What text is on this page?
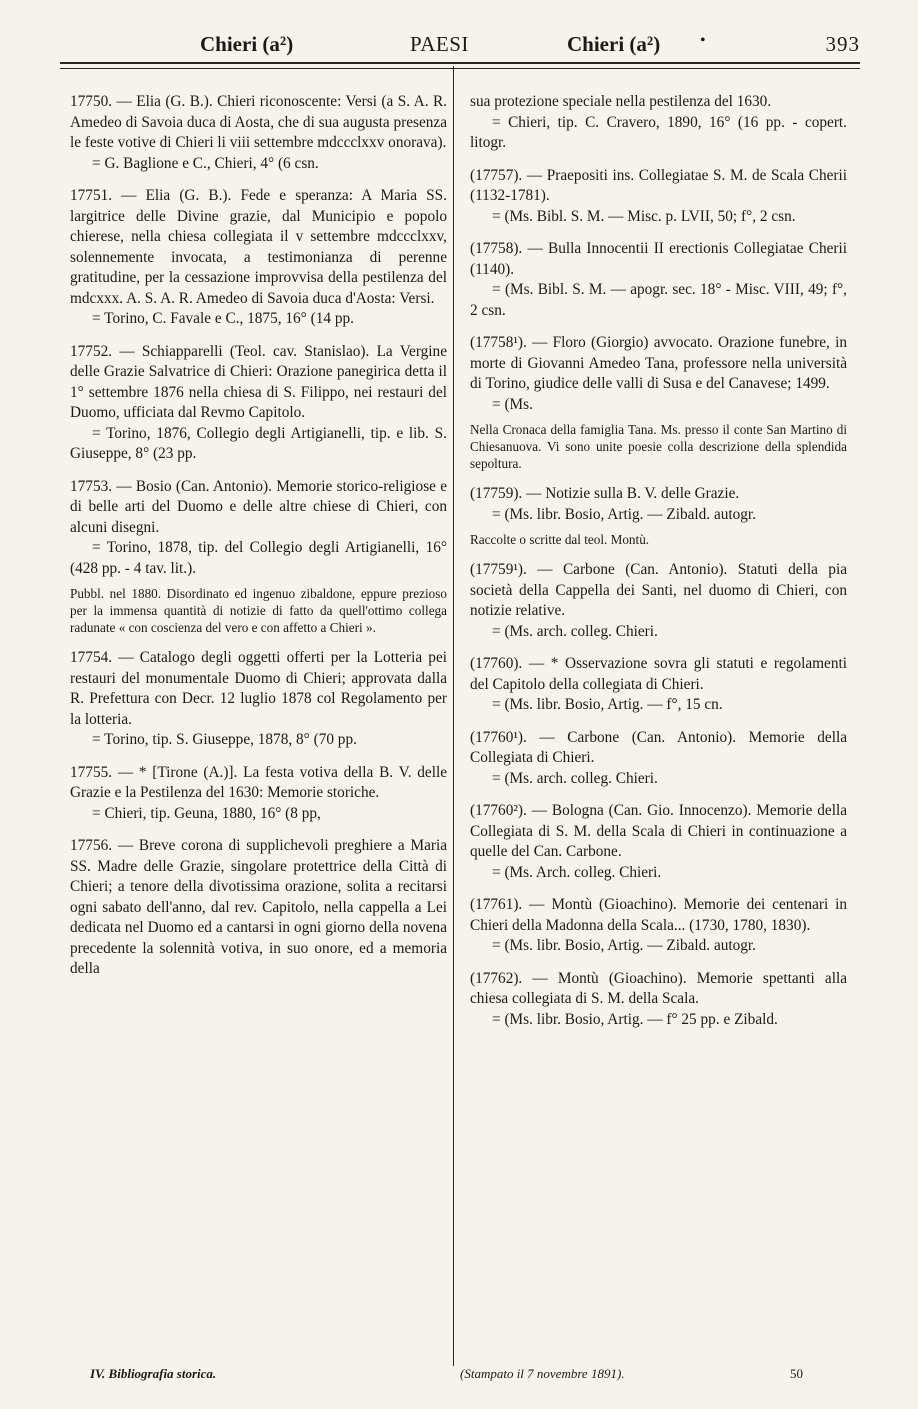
Chieri (a²)	PAESI	Chieri (a²) •	393

17750. — Elia (G. B.). Chieri riconoscente: Versi (a S. A. R. Amedeo di Savoia duca di Aosta, che di sua augusta presenza le feste votive di Chieri li viii settembre mdccclxxv onorava).

= G. Baglione e C., Chieri, 4° (6 csn.

17751. — Elia (G. B.). Fede e speranza: A Maria SS. largitrice delle Divine grazie, dal Municipio e popolo chierese, nella chiesa collegiata il v settembre mdccclxxv, solennemente invocata, a testimonianza di perenne gratitudine, per la cessazione improvvisa della pestilenza del mdcxxx. A. S. A. R. Amedeo di Savoia duca d'Aosta: Versi.

= Torino, C. Favale e C., 1875, 16° (14 pp.

17752. — Schiapparelli (Teol. cav. Stanislao). La Vergine delle Grazie Salvatrice di Chieri: Orazione panegirica detta il 1° settembre 1876 nella chiesa di S. Filippo, nei restauri del Duomo, ufficiata dal Revmo Capitolo.

= Torino, 1876, Collegio degli Artigianelli, tip. e lib. S. Giuseppe, 8° (23 pp.

17753. — Bosio (Can. Antonio). Memorie storico-religiose e di belle arti del Duomo e delle altre chiese di Chieri, con alcuni disegni.

= Torino, 1878, tip. del Collegio degli Artigianelli, 16° (428 pp. - 4 tav. lit.).

Pubbl. nel 1880. Disordinato ed ingenuo zibaldone, eppure prezioso per la immensa quantità di notizie di fatto da quell'ottimo collega radunate « con coscienza del vero e con affetto a Chieri ».

17754. — Catalogo degli oggetti offerti per la Lotteria pei restauri del monumentale Duomo di Chieri; approvata dalla R. Prefettura con Decr. 12 luglio 1878 col Regolamento per la lotteria.

= Torino, tip. S. Giuseppe, 1878, 8° (70 pp.

17755. — * [Tirone (A.)]. La festa votiva della B. V. delle Grazie e la Pestilenza del 1630: Memorie storiche.

= Chieri, tip. Geuna, 1880, 16° (8 pp,

17756. — Breve corona di supplichevoli preghiere a Maria SS. Madre delle Grazie, singolare protettrice della Città di Chieri; a tenore della divotissima orazione, solita a recitarsi ogni sabato dell'anno, dal rev. Capitolo, nella cappella a Lei dedicata nel Duomo ed a cantarsi in ogni giorno della novena precedente la solennità votiva, in suo onore, ed a memoria della

sua protezione speciale nella pestilenza del 1630.

= Chieri, tip. C. Cravero, 1890, 16° (16 pp. - copert. litogr.

(17757). — Praepositi ins. Collegiatae S. M. de Scala Cherii (1132-1781).

= (Ms. Bibl. S. M. — Misc. p. LVII, 50; f°, 2 csn.

(17758). — Bulla Innocentii II erectionis Collegiatae Cherii (1140).

= (Ms. Bibl. S. M. — apogr. sec. 18° - Misc. VIII, 49; f°, 2 csn.

(17758¹). — Floro (Giorgio) avvocato. Orazione funebre, in morte di Giovanni Amedeo Tana, professore nella università di Torino, giudice delle valli di Susa e del Canavese; 1499.

= (Ms.

Nella Cronaca della famiglia Tana. Ms. presso il conte San Martino di Chiesanuova. Vi sono unite poesie colla descrizione della splendida sepoltura.

(17759). — Notizie sulla B. V. delle Grazie.

= (Ms. libr. Bosio, Artig. — Zibald. autogr.

Raccolte o scritte dal teol. Montù.

(17759¹). — Carbone (Can. Antonio). Statuti della pia società della Cappella dei Santi, nel duomo di Chieri, con notizie relative.

= (Ms. arch. colleg. Chieri.

(17760). — * Osservazione sovra gli statuti e regolamenti del Capitolo della collegiata di Chieri.

= (Ms. libr. Bosio, Artig. — f°, 15 cn.

(17760¹). — Carbone (Can. Antonio). Memorie della Collegiata di Chieri.

= (Ms. arch. colleg. Chieri.

(17760²). — Bologna (Can. Gio. Innocenzo). Memorie della Collegiata di S. M. della Scala di Chieri in continuazione a quelle del Can. Carbone.

= (Ms. Arch. colleg. Chieri.

(17761). — Montù (Gioachino). Memorie dei centenari in Chieri della Madonna della Scala... (1730, 1780, 1830).

= (Ms. libr. Bosio, Artig. — Zibald. autogr.

(17762). — Montù (Gioachino). Memorie spettanti alla chiesa collegiata di S. M. della Scala.

= (Ms. libr. Bosio, Artig. — f° 25 pp. e Zibald.

IV. Bibliografia storica.	(Stampato il 7 novembre 1891).	50
